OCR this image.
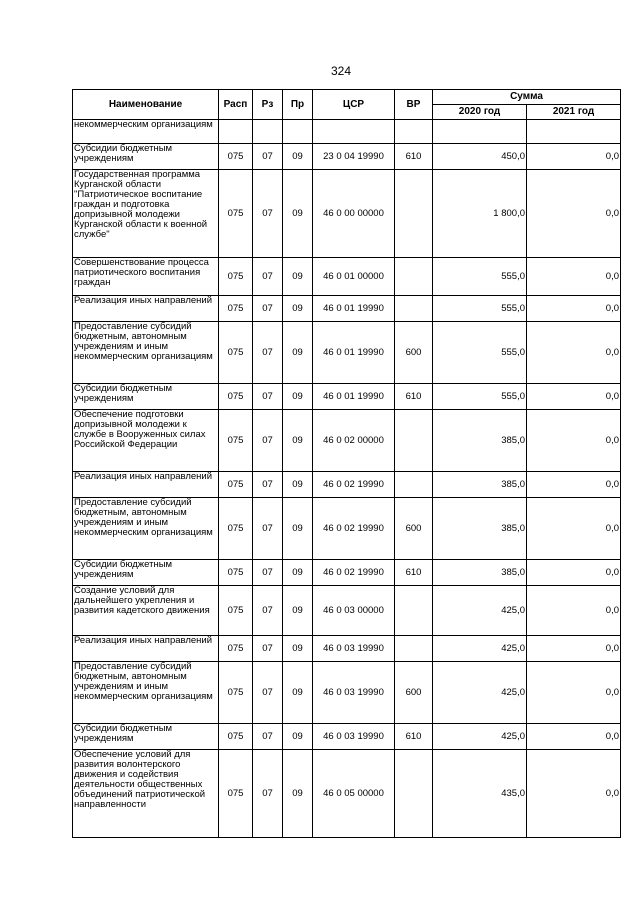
324
Наименование	Расп	Рз	Пр	ЦСР	ВР	Сумма	
						2020 год	2021 год
некоммерческим организациям							
Субсидии бюджетным учреждениям	075	07	09	23 0 04 19990	610	450,0	0,0
Государственная программа Курганской области "Патриотическое воспитание граждан и подготовка допризывной молодежи Курганской области к военной службе"	075	07	09	46 0 00 00000		1 800,0	0,0
Совершенствование процесса патриотического воспитания граждан	075	07	09	46 0 01 00000		555,0	0,0
Реализация иных направлений	075	07	09	46 0 01 19990		555,0	0,0
Предоставление субсидий бюджетным, автономным учреждениям и иным некоммерческим организациям	075	07	09	46 0 01 19990	600	555,0	0,0
Субсидии бюджетным учреждениям	075	07	09	46 0 01 19990	610	555,0	0,0
Обеспечение подготовки допризывной молодежи к службе в Вооруженных силах Российской Федерации	075	07	09	46 0 02 00000		385,0	0,0
Реализация иных направлений	075	07	09	46 0 02 19990		385,0	0,0
Предоставление субсидий бюджетным, автономным учреждениям и иным некоммерческим организациям	075	07	09	46 0 02 19990	600	385,0	0,0
Субсидии бюджетным учреждениям	075	07	09	46 0 02 19990	610	385,0	0,0
Создание условий для дальнейшего укрепления и развития кадетского движения	075	07	09	46 0 03 00000		425,0	0,0
Реализация иных направлений	075	07	09	46 0 03 19990		425,0	0,0
Предоставление субсидий бюджетным, автономным учреждениям и иным некоммерческим организациям	075	07	09	46 0 03 19990	600	425,0	0,0
Субсидии бюджетным учреждениям	075	07	09	46 0 03 19990	610	425,0	0,0
Обеспечение условий для развития волонтерского движения и содействия деятельности общественных объединений патриотической направленности	075	07	09	46 0 05 00000		435,0	0,0
